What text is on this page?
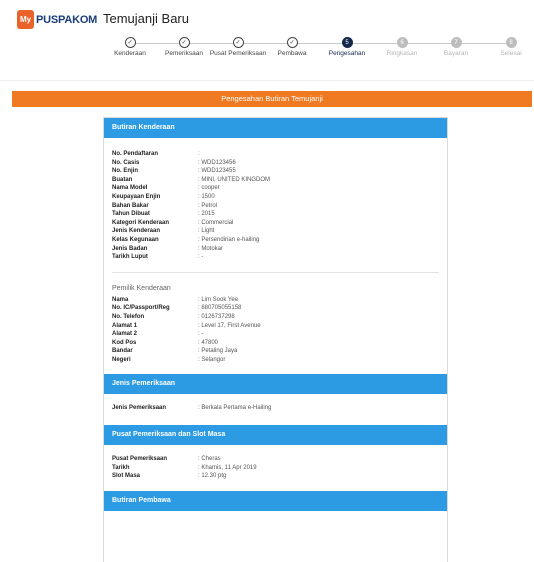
My PUSPAKOM Temujanji Baru
✓
Kenderaan
✓
Pemeriksaan
✓
Pusat Pemeriksaan
✓
Pembawa
5
Pengesahan
6
Ringkasan
7
Bayaran
8
Selesai
Pengesahan Butiran Temujanji
Butiran Kenderaan
No. Pendaftaran	:
No. Casis	: WDD123456
No. Enjin	: WDD123455
Buatan	: MINI, UNITED KINGDOM
Nama Model	: cooper
Keupayaan Enjin	: 1500
Bahan Bakar	: Petrol
Tahun Dibuat	: 2015
Kategori Kenderaan	: Commercial
Jenis Kenderaan	: Light
Kelas Kegunaan	: Persendirian e-hailing
Jenis Badan	: Motokar
Tarikh Luput	: -
Pemilik Kenderaan
Nama	: Lim Sook Yee
No. IC/Passport/Reg	: 880705055158
No. Telefon	: 0126737298
Alamat 1	: Level 17, First Avenue
Alamat 2	: -
Kod Pos	: 47800
Bandar	: Petaling Jaya
Negeri	: Selangor
Jenis Pemeriksaan
Jenis Pemeriksaan	: Berkala Pertama e-Hailing
Pusat Pemeriksaan dan Slot Masa
Pusat Pemeriksaan	: Cheras
Tarikh	: Khamis, 11 Apr 2019
Slot Masa	: 12.30 ptg
Butiran Pembawa
